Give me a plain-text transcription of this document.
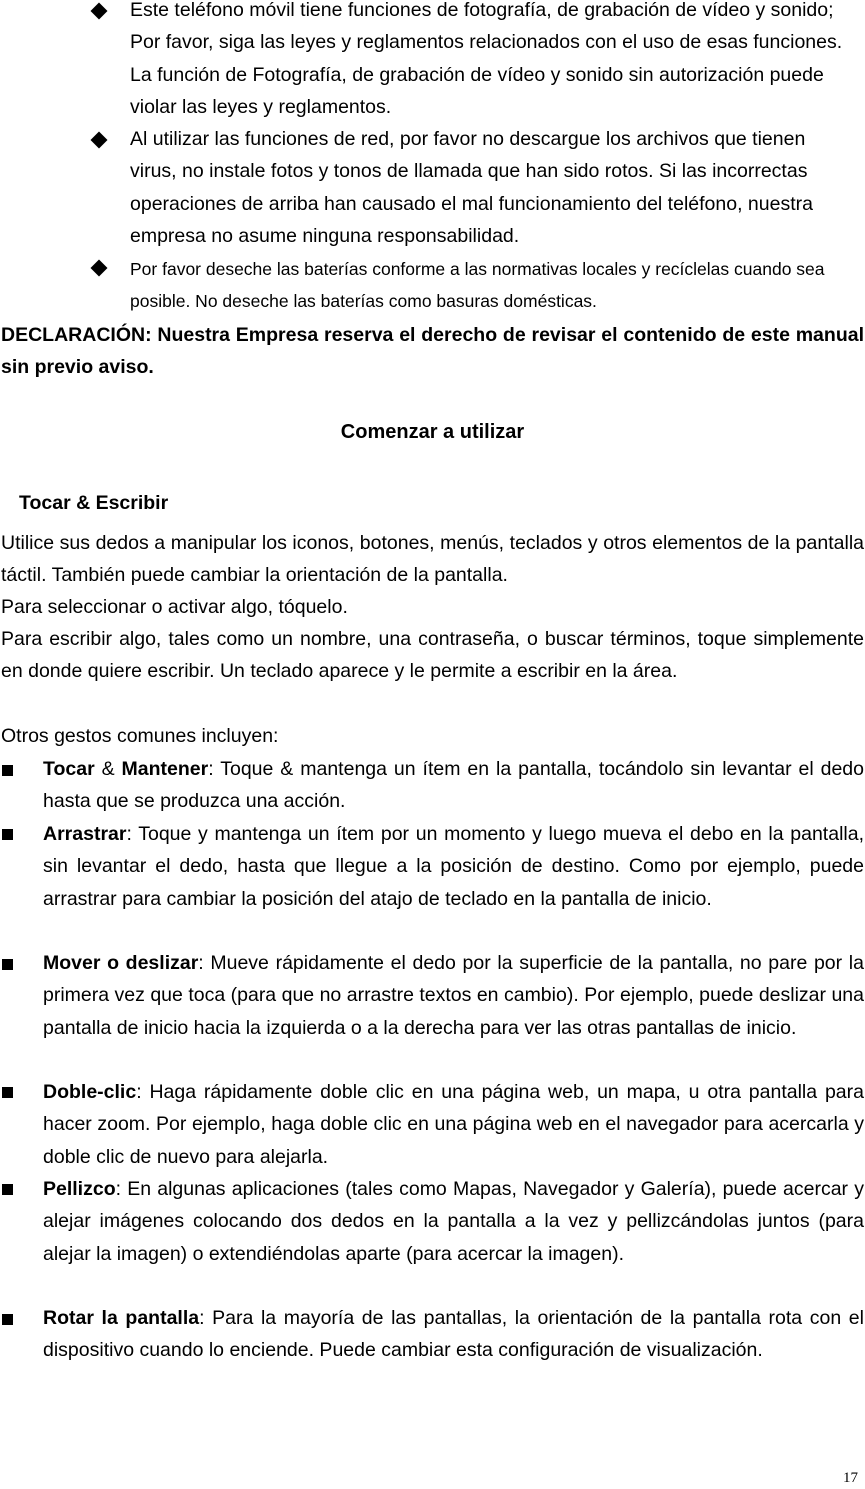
Este teléfono móvil tiene funciones de fotografía, de grabación de vídeo y sonido; Por favor, siga las leyes y reglamentos relacionados con el uso de esas funciones. La función de Fotografía, de grabación de vídeo y sonido sin autorización puede violar las leyes y reglamentos.
Al utilizar las funciones de red, por favor no descargue los archivos que tienen virus, no instale fotos y tonos de llamada que han sido rotos. Si las incorrectas operaciones de arriba han causado el mal funcionamiento del teléfono, nuestra empresa no asume ninguna responsabilidad.
Por favor deseche las baterías conforme a las normativas locales y recíclelas cuando sea posible. No deseche las baterías como basuras domésticas.
DECLARACIÓN: Nuestra Empresa reserva el derecho de revisar el contenido de este manual sin previo aviso.
Comenzar a utilizar
Tocar & Escribir
Utilice sus dedos a manipular los iconos, botones, menús, teclados y otros elementos de la pantalla táctil. También puede cambiar la orientación de la pantalla.
Para seleccionar o activar algo, tóquelo.
Para escribir algo, tales como un nombre, una contraseña, o buscar términos, toque simplemente en donde quiere escribir. Un teclado aparece y le permite a escribir en la área.
Otros gestos comunes incluyen:
Tocar & Mantener: Toque & mantenga un ítem en la pantalla, tocándolo sin levantar el dedo hasta que se produzca una acción.
Arrastrar: Toque y mantenga un ítem por un momento y luego mueva el debo en la pantalla, sin levantar el dedo, hasta que llegue a la posición de destino. Como por ejemplo, puede arrastrar para cambiar la posición del atajo de teclado en la pantalla de inicio.
Mover o deslizar: Mueve rápidamente el dedo por la superficie de la pantalla, no pare por la primera vez que toca (para que no arrastre textos en cambio). Por ejemplo, puede deslizar una pantalla de inicio hacia la izquierda o a la derecha para ver las otras pantallas de inicio.
Doble-clic: Haga rápidamente doble clic en una página web, un mapa, u otra pantalla para hacer zoom. Por ejemplo, haga doble clic en una página web en el navegador para acercarla y doble clic de nuevo para alejarla.
Pellizco: En algunas aplicaciones (tales como Mapas, Navegador y Galería), puede acercar y alejar imágenes colocando dos dedos en la pantalla a la vez y pellizcándolas juntos (para alejar la imagen) o extendiéndolas aparte (para acercar la imagen).
Rotar la pantalla: Para la mayoría de las pantallas, la orientación de la pantalla rota con el dispositivo cuando lo enciende. Puede cambiar esta configuración de visualización.
17
